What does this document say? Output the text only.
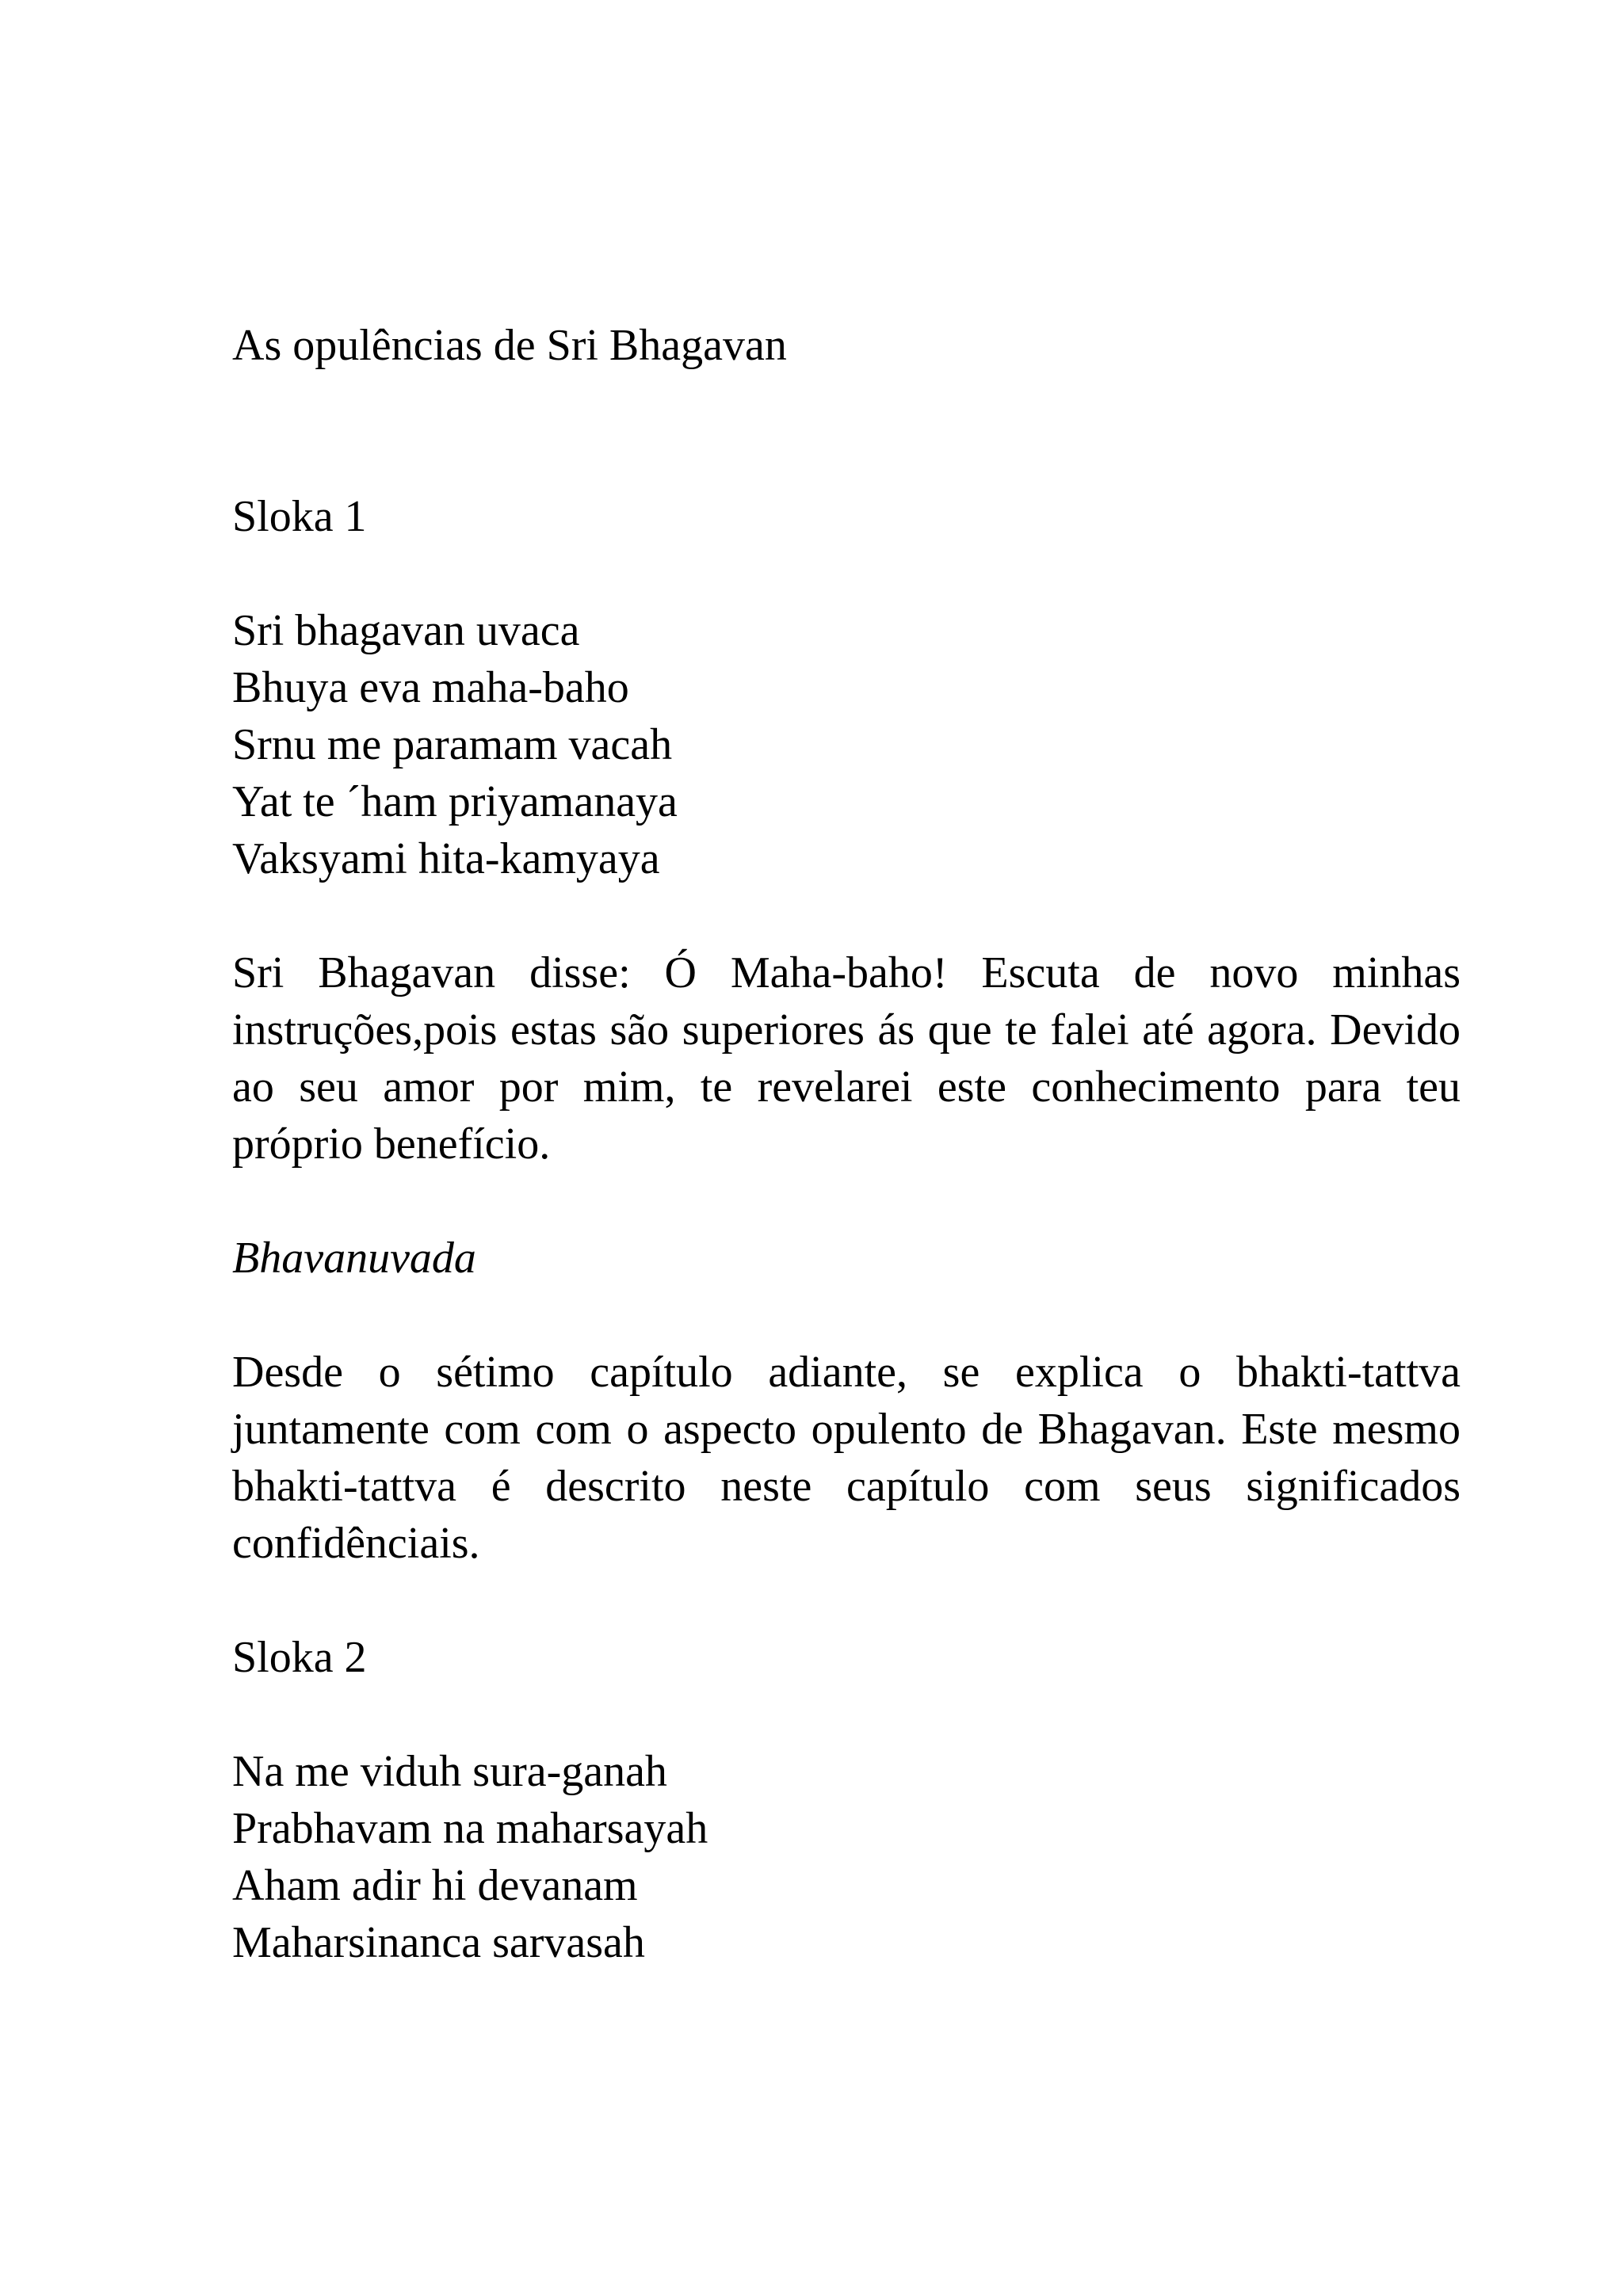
As opulências de Sri Bhagavan

Sloka 1

Sri bhagavan uvaca

Bhuya eva maha-baho

Srnu me paramam vacah

Yat te ´ham priyamanaya

Vaksyami hita-kamyaya

Sri Bhagavan disse: Ó Maha-baho! Escuta de novo minhas instruções,pois estas são superiores ás que te falei até agora. Devido ao seu amor por mim, te revelarei este conhecimento para teu próprio benefício.

Bhavanuvada

Desde o sétimo capítulo adiante, se explica o bhakti-tattva juntamente com com o aspecto opulento de Bhagavan. Este mesmo bhakti-tattva é descrito neste capítulo com seus significados confidênciais.

Sloka 2

Na me viduh sura-ganah

Prabhavam na maharsayah

Aham adir hi devanam

Maharsinanca sarvasah
